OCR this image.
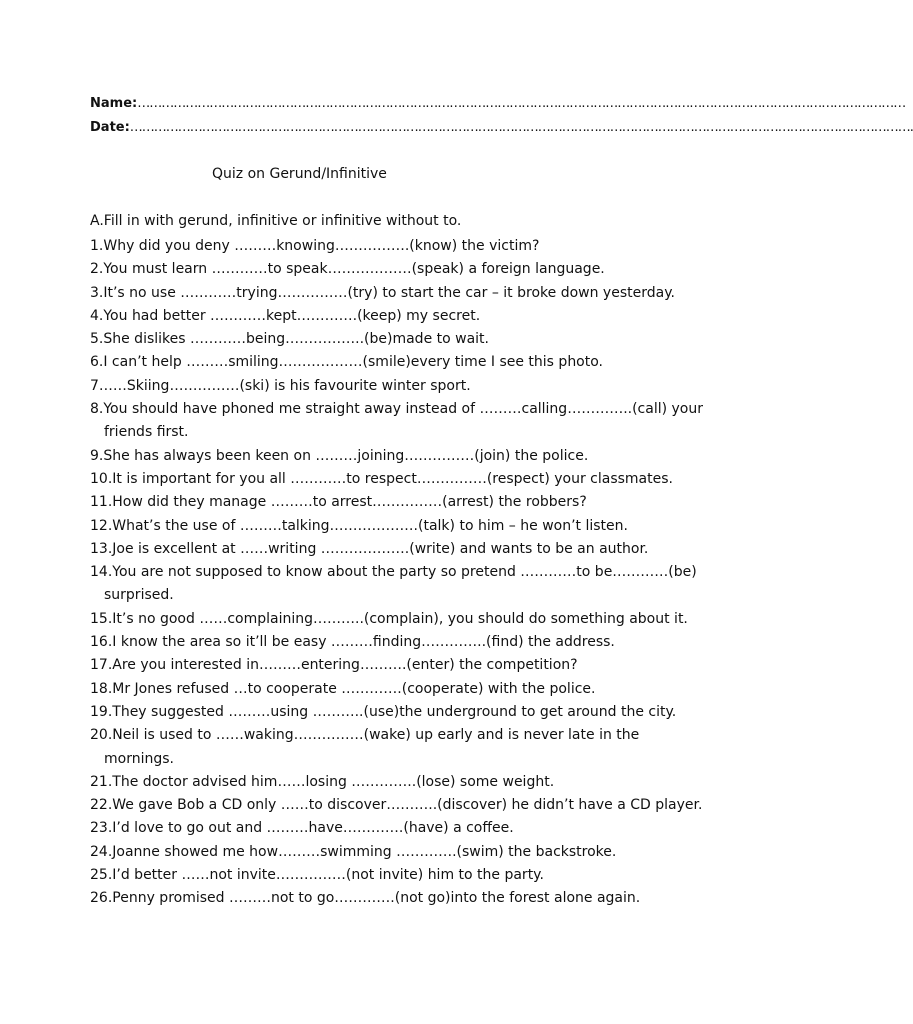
Name:…………………………………………………………………………………………………………………………………………………………………………
Date:…………………………………………………………………………………………………………………………………………………………………………….
Quiz on Gerund/Infinitive
A.Fill in with gerund, infinitive or infinitive without to.
1.Why did you deny ………knowing…………….(know) the victim?
2.You must learn …………to speak………………(speak) a foreign language.
3.It’s no use …………trying……………(try) to start the car – it broke down yesterday.
4.You had better …………kept………….(keep) my secret.
5.She dislikes …………being……………..(be)made to wait.
6.I can’t help ………smiling………………(smile)every time I see this photo.
7……Skiing……………(ski) is his favourite winter sport.
8.You should have phoned me straight away instead of ………calling…………..(call) your
friends first.
9.She has always been keen on ………joining……………(join) the police.
10.It is important for you all …………to respect……………(respect) your classmates.
11.How did they manage ………to arrest……………(arrest) the robbers?
12.What’s the use of ………talking……………….(talk) to him – he won’t listen.
13.Joe is excellent at ……writing ……………….(write) and wants to be an author.
14.You are not supposed to know about the party so pretend …………to be…………(be)
surprised.
15.It’s no good ……complaining………..(complain), you should do something about it.
16.I know the area so it’ll be easy ………finding…………..(find) the address.
17.Are you interested in………entering……….(enter) the competition?
18.Mr Jones refused …to cooperate ………….(cooperate) with the police.
19.They suggested ………using ………..(use)the underground to get around the city.
20.Neil is used to ……waking……………(wake) up early and is never late in the
mornings.
21.The doctor advised him……losing …………..(lose) some weight.
22.We gave Bob a CD only ……to discover………..(discover) he didn’t have a CD player.
23.I’d love to go out and ………have………….(have) a coffee.
24.Joanne showed me how………swimming ………….(swim) the backstroke.
25.I’d better ……not invite……………(not invite) him to the party.
26.Penny promised ………not to go………….(not go)into the forest alone again.
